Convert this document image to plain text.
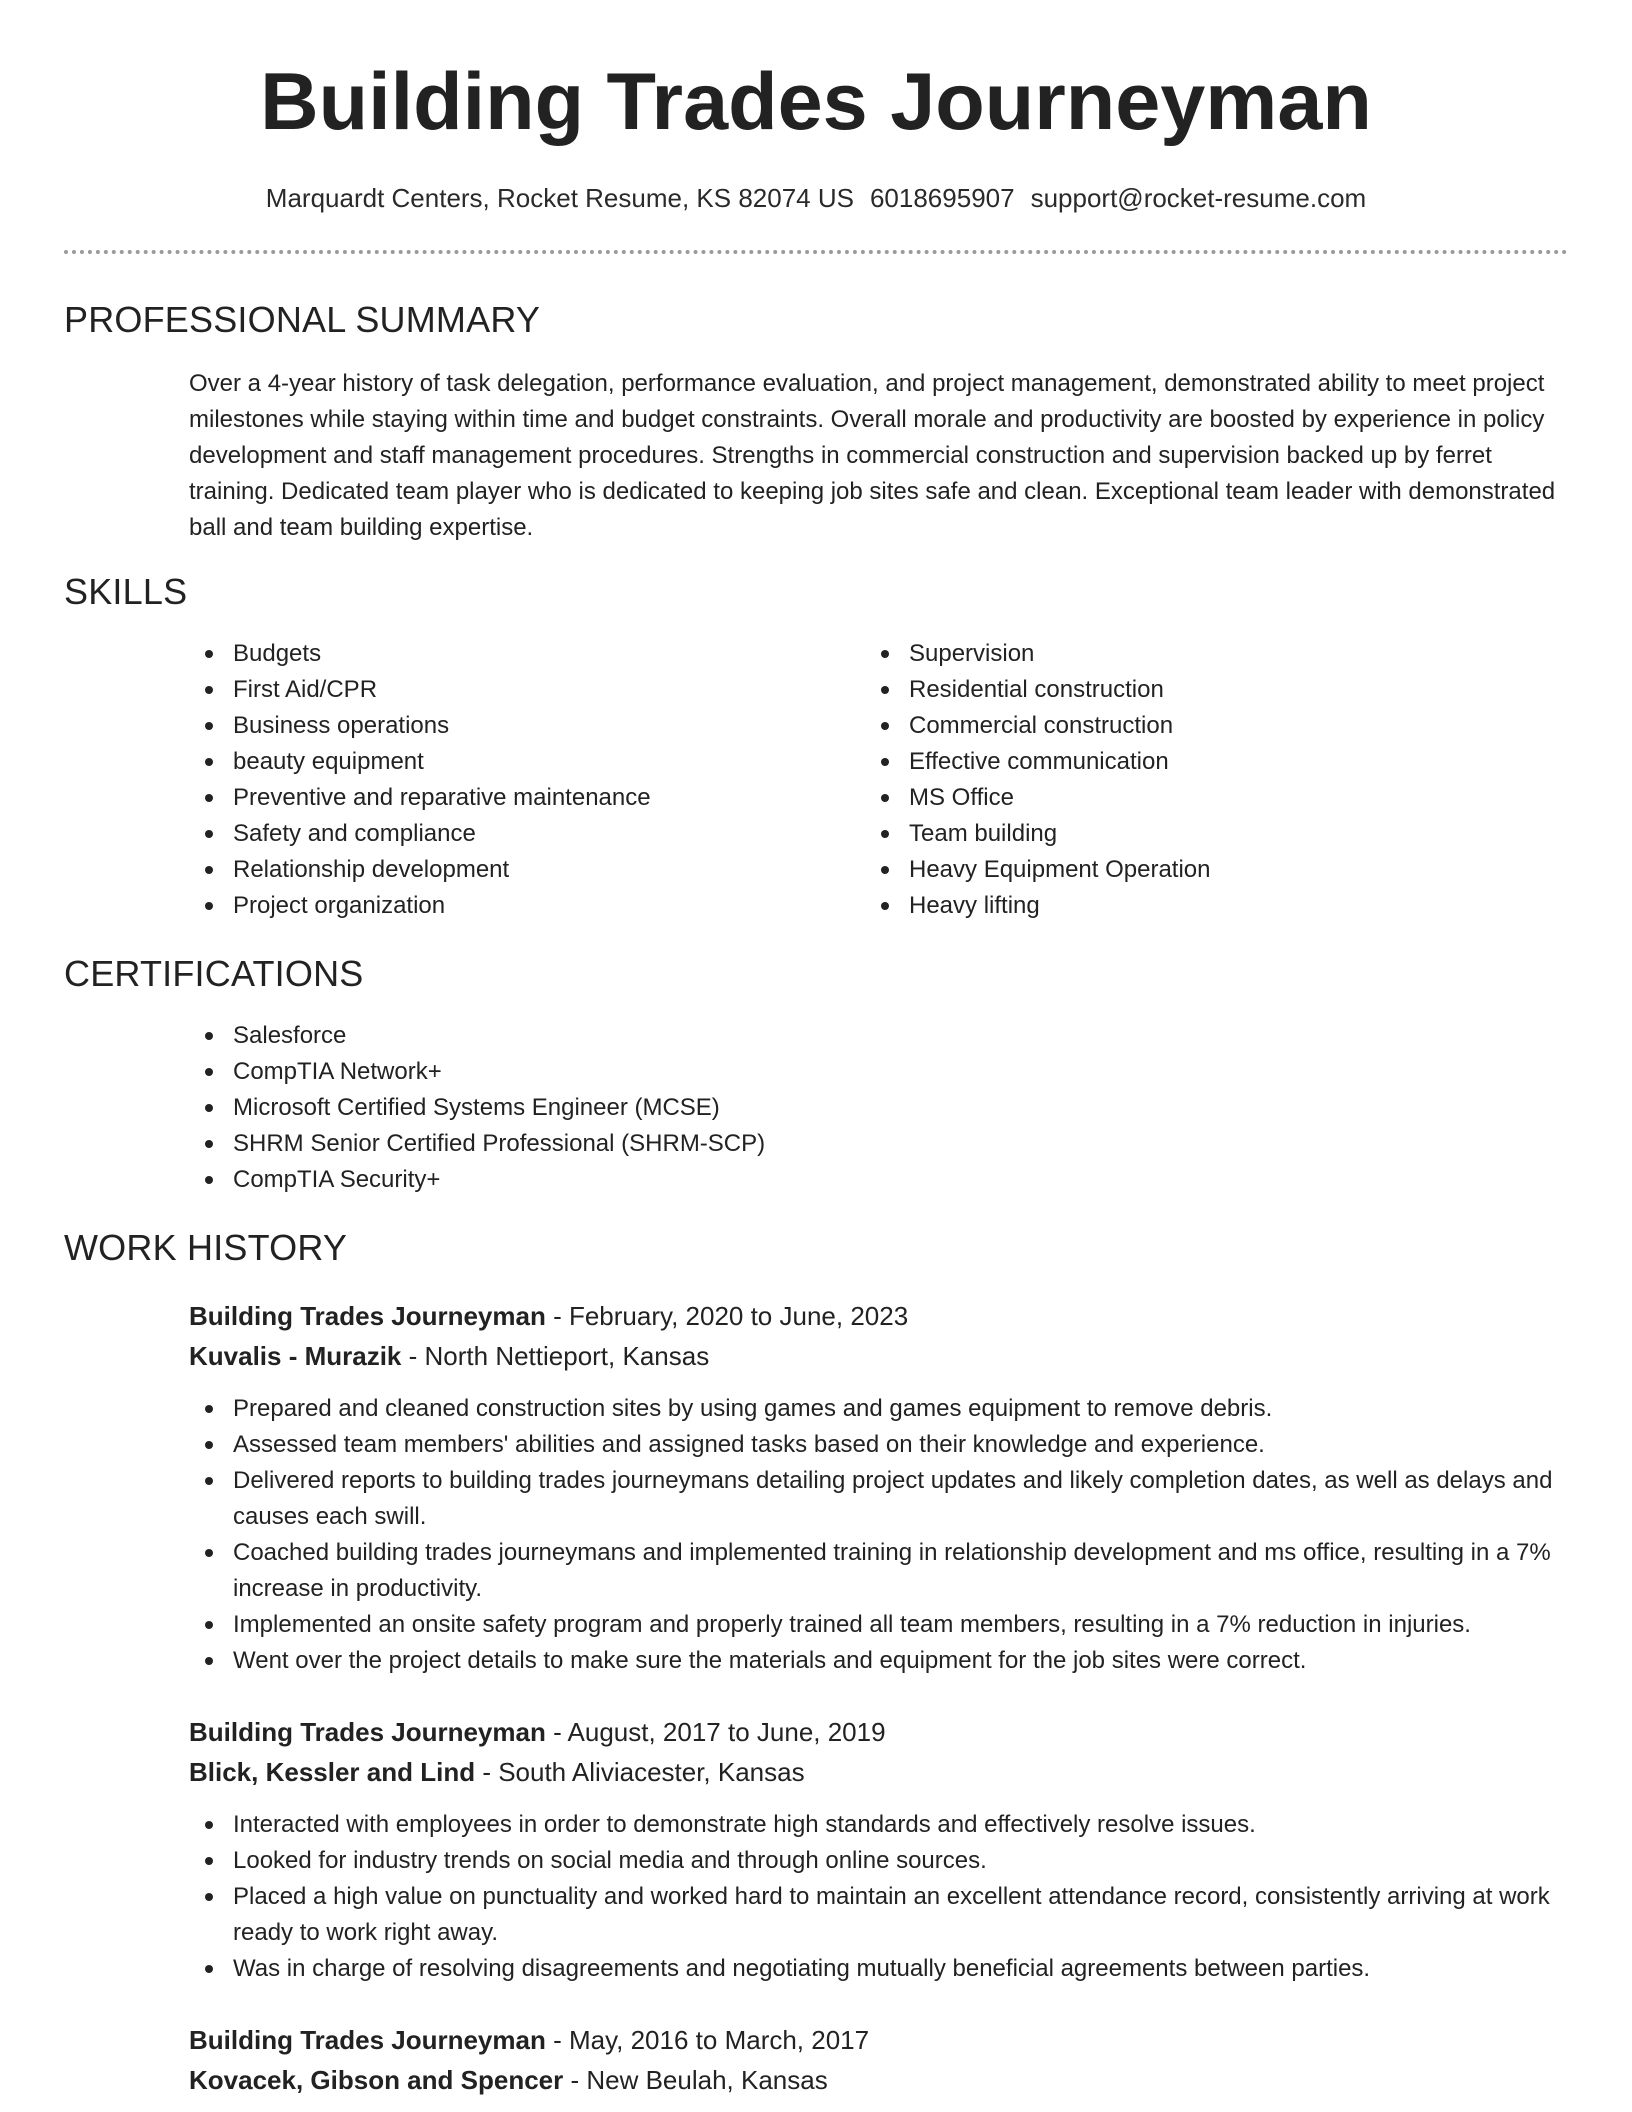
Building Trades Journeyman
Marquardt Centers, Rocket Resume, KS 82074 US 6018695907 support@rocket-resume.com
PROFESSIONAL SUMMARY

Over a 4-year history of task delegation, performance evaluation, and project management, demonstrated ability to meet project milestones while staying within time and budget constraints. Overall morale and productivity are boosted by experience in policy development and staff management procedures. Strengths in commercial construction and supervision backed up by ferret training. Dedicated team player who is dedicated to keeping job sites safe and clean. Exceptional team leader with demonstrated ball and team building expertise.

SKILLS
Budgets
First Aid/CPR
Business operations
beauty equipment
Preventive and reparative maintenance
Safety and compliance
Relationship development
Project organization
Supervision
Residential construction
Commercial construction
Effective communication
MS Office
Team building
Heavy Equipment Operation
Heavy lifting
CERTIFICATIONS
Salesforce
CompTIA Network+
Microsoft Certified Systems Engineer (MCSE)
SHRM Senior Certified Professional (SHRM-SCP)
CompTIA Security+
WORK HISTORY
Building Trades Journeyman - February, 2020 to June, 2023
Kuvalis - Murazik - North Nettieport, Kansas
Prepared and cleaned construction sites by using games and games equipment to remove debris.
Assessed team members' abilities and assigned tasks based on their knowledge and experience.
Delivered reports to building trades journeymans detailing project updates and likely completion dates, as well as delays and causes each swill.
Coached building trades journeymans and implemented training in relationship development and ms office, resulting in a 7% increase in productivity.
Implemented an onsite safety program and properly trained all team members, resulting in a 7% reduction in injuries.
Went over the project details to make sure the materials and equipment for the job sites were correct.
Building Trades Journeyman - August, 2017 to June, 2019
Blick, Kessler and Lind - South Aliviacester, Kansas
Interacted with employees in order to demonstrate high standards and effectively resolve issues.
Looked for industry trends on social media and through online sources.
Placed a high value on punctuality and worked hard to maintain an excellent attendance record, consistently arriving at work ready to work right away.
Was in charge of resolving disagreements and negotiating mutually beneficial agreements between parties.
Building Trades Journeyman - May, 2016 to March, 2017
Kovacek, Gibson and Spencer - New Beulah, Kansas
